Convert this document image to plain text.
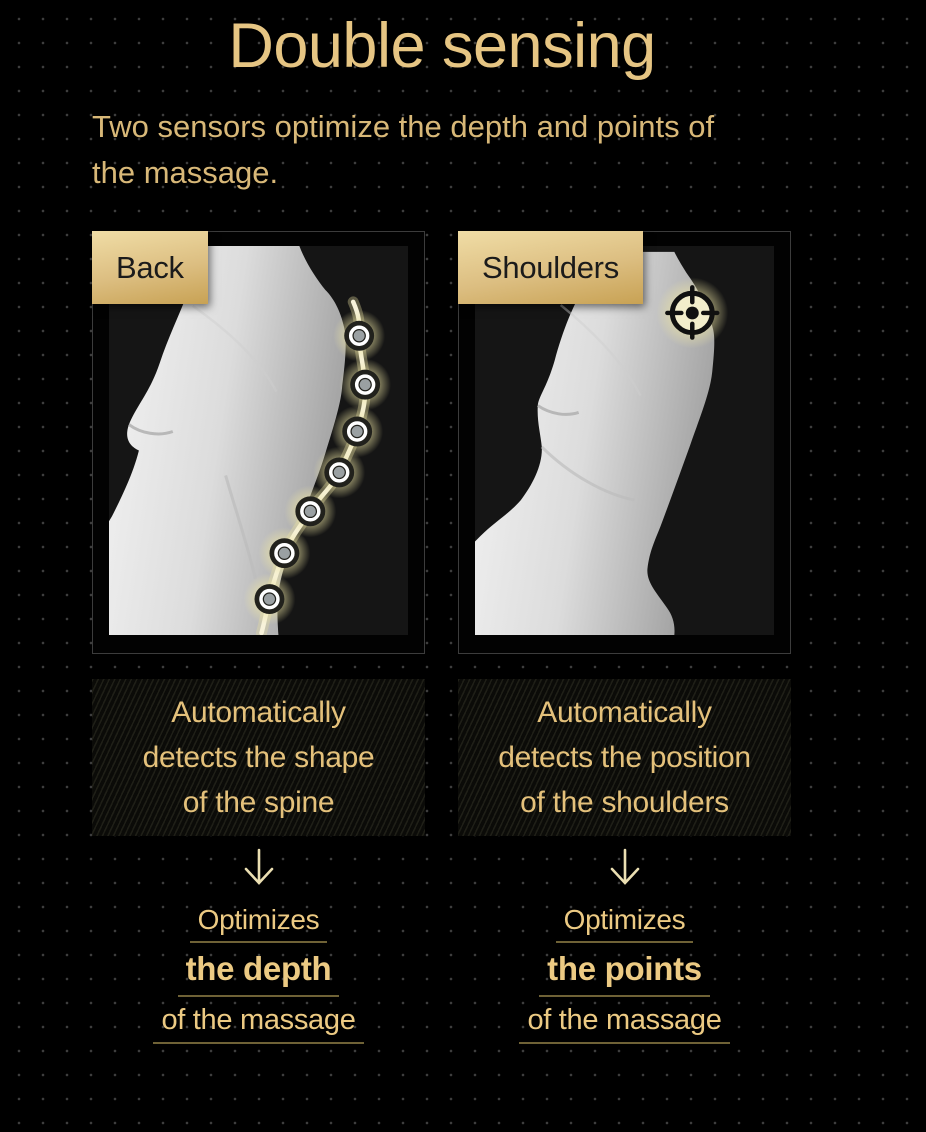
Double sensing

Two sensors optimize the depth and points of
the massage.

Back
Automatically
detects the shape
of the spine
Optimizes
the depth
of the massage
Shoulders
Automatically
detects the position
of the shoulders
Optimizes
the points
of the massage
